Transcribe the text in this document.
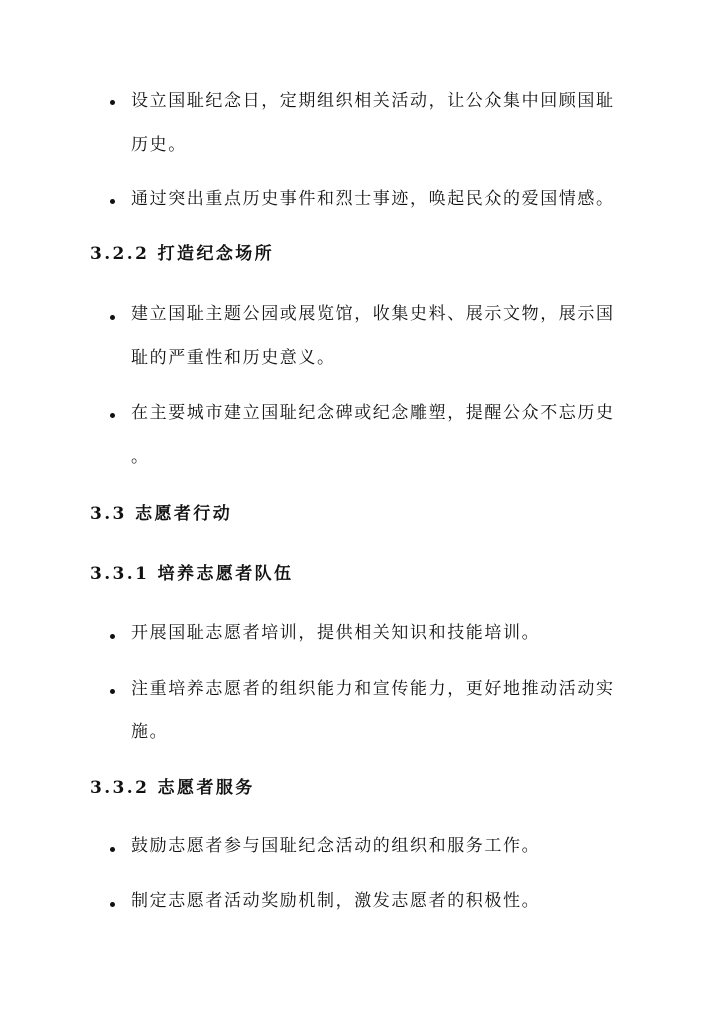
设立国耻纪念日，定期组织相关活动，让公众集中回顾国耻
历史。
通过突出重点历史事件和烈士事迹，唤起民众的爱国情感。
3.2.2 打造纪念场所
建立国耻主题公园或展览馆，收集史料、展示文物，展示国
耻的严重性和历史意义。
在主要城市建立国耻纪念碑或纪念雕塑，提醒公众不忘历史
。
3.3 志愿者行动
3.3.1 培养志愿者队伍
开展国耻志愿者培训，提供相关知识和技能培训。
注重培养志愿者的组织能力和宣传能力，更好地推动活动实
施。
3.3.2 志愿者服务
鼓励志愿者参与国耻纪念活动的组织和服务工作。
制定志愿者活动奖励机制，激发志愿者的积极性。
